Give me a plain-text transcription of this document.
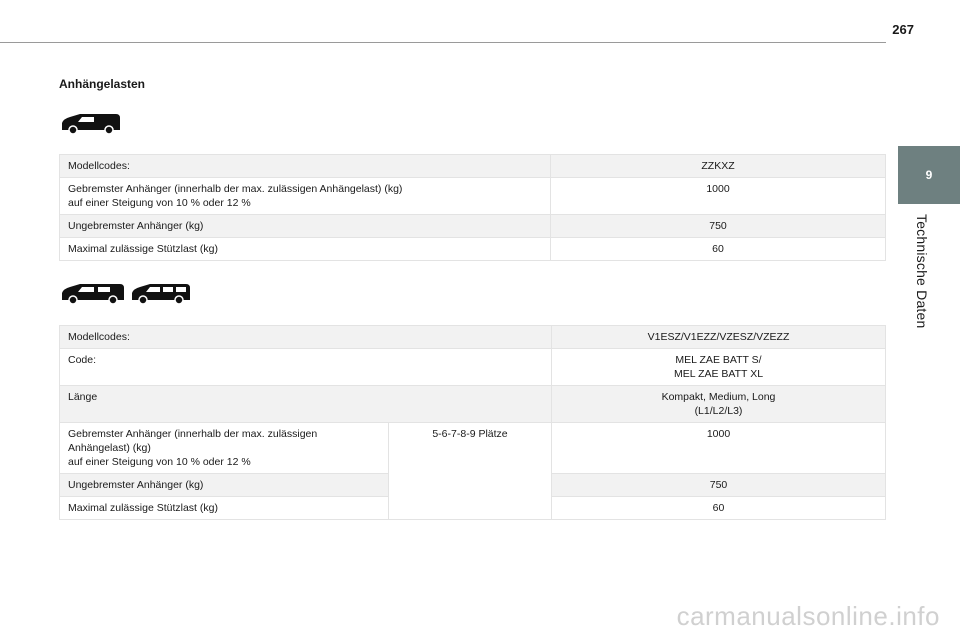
267
Anhängelasten
9
Technische Daten
Modellcodes:	ZZKXZ

Gebremster Anhänger (innerhalb der max. zulässigen Anhängelast) (kg)
auf einer Steigung von 10 % oder 12 %	1000
Ungebremster Anhänger (kg)	750
Maximal zulässige Stützlast (kg)	60
Modellcodes:		V1ESZ/V1EZZ/VZESZ/VZEZZ
Code:		MEL ZAE BATT S/
MEL ZAE BATT XL

Länge		Kompakt, Medium, Long
(L1/L2/L3)

Gebremster Anhänger (innerhalb der max. zulässigen
Anhängelast) (kg)
auf einer Steigung von 10 % oder 12 %	5-6-7-8-9 Plätze	1000
Ungebremster Anhänger (kg)		750
Maximal zulässige Stützlast (kg)		60
carmanualsonline.info
